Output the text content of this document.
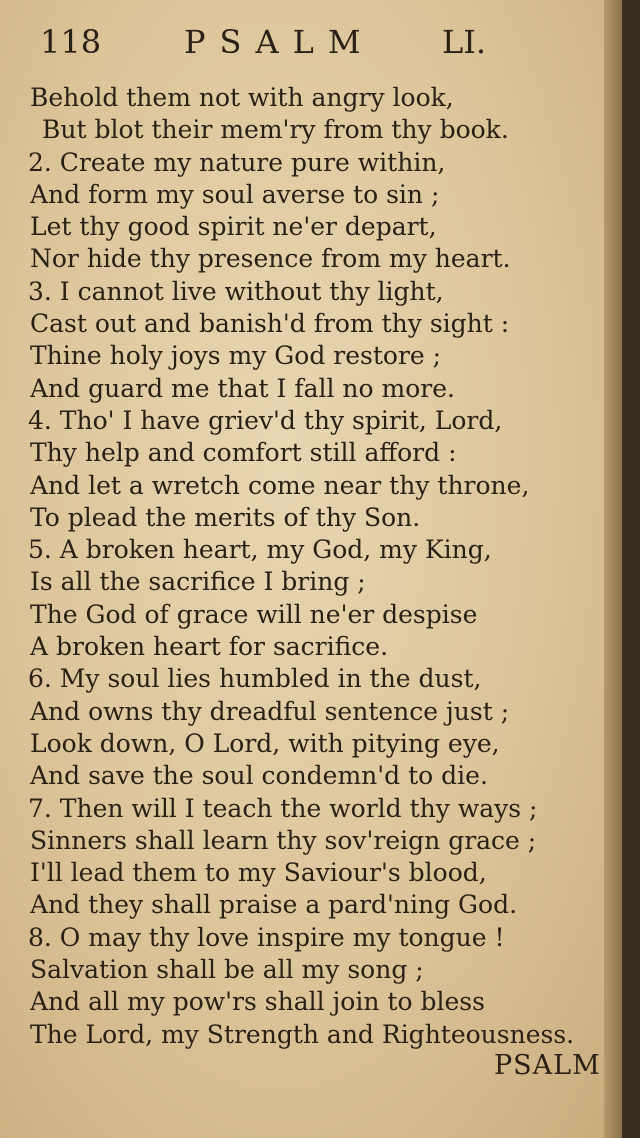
118	PSALM LI.
Behold them not with angry look,
But blot their mem'ry from thy book.
2. Create my nature pure within,
And form my soul averse to sin ;
Let thy good spirit ne'er depart,
Nor hide thy presence from my heart.
3. I cannot live without thy light,
Cast out and banish'd from thy sight :
Thine holy joys my God restore ;
And guard me that I fall no more.
4. Tho' I have griev'd thy spirit, Lord,
Thy help and comfort still afford :
And let a wretch come near thy throne,
To plead the merits of thy Son.
5. A broken heart, my God, my King,
Is all the sacrifice I bring ;
The God of grace will ne'er despise
A broken heart for sacrifice.
6. My soul lies humbled in the dust,
And owns thy dreadful sentence just ;
Look down, O Lord, with pitying eye,
And save the soul condemn'd to die.
7. Then will I teach the world thy ways ;
Sinners shall learn thy sov'reign grace ;
I'll lead them to my Saviour's blood,
And they shall praise a pard'ning God.
8. O may thy love inspire my tongue !
Salvation shall be all my song ;
And all my pow'rs shall join to bless
The Lord, my Strength and Righteousness.
PSALM
